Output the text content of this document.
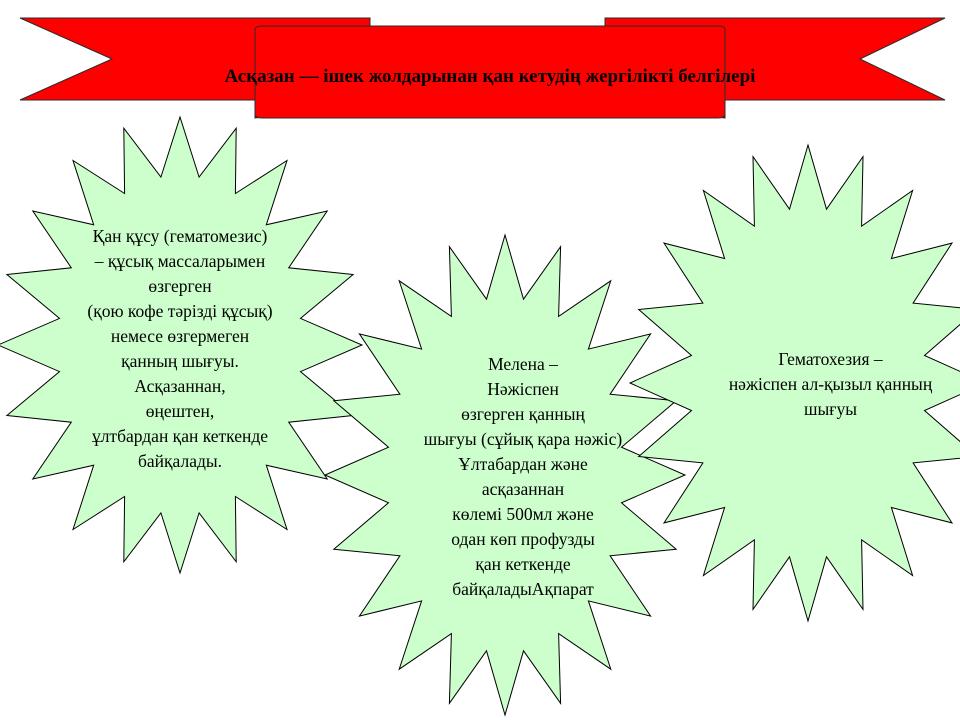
Асқазан — ішек жолдарынан қан кетудің жергілікті белгілері
Қан құсу (гематомезис)
– құсық массаларымен
өзгерген
(қою кофе тәрізді құсық)
немесе өзгермеген
қанның шығуы.
Асқазаннан,
өңештен,
ұлтбардан қан кеткенде
байқалады.
Мелена –
Нәжіспен
өзгерген қанның
шығуы (сұйық қара нәжіс)
Ұлтабардан және
асқазаннан
көлемі 500мл және
одан көп профузды
қан кеткенде
байқаладыАқпарат
Гематохезия –
нәжіспен ал-қызыл қанның
шығуы
